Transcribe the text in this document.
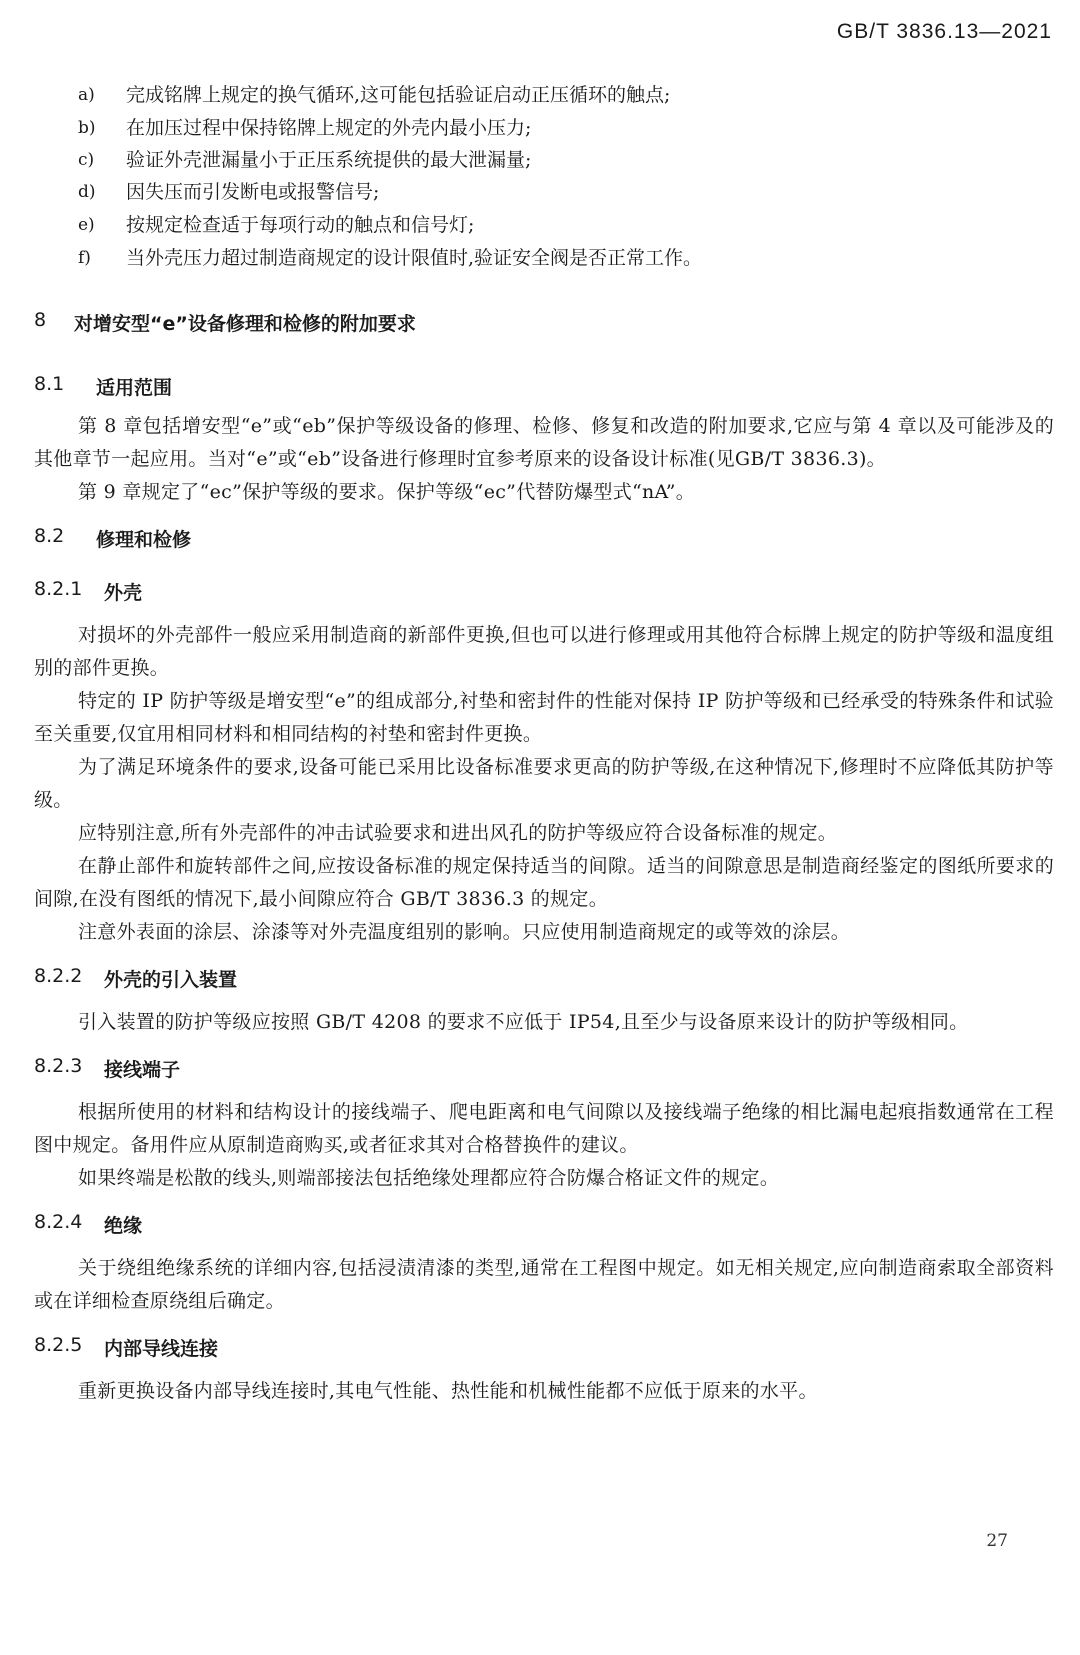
GB/T 3836.13—2021
a)	完成铭牌上规定的换气循环,这可能包括验证启动正压循环的触点;
b)	在加压过程中保持铭牌上规定的外壳内最小压力;
c)	验证外壳泄漏量小于正压系统提供的最大泄漏量;
d)	因失压而引发断电或报警信号;
e)	按规定检查适于每项行动的触点和信号灯;
f)	当外壳压力超过制造商规定的设计限值时,验证安全阀是否正常工作。
8	对增安型“e”设备修理和检修的附加要求
8.1	适用范围

第 8 章包括增安型“e”或“eb”保护等级设备的修理、检修、修复和改造的附加要求,它应与第 4 章以及可能涉及的其他章节一起应用。当对“e”或“eb”设备进行修理时宜参考原来的设备设计标准(见GB/T 3836.3)。

第 9 章规定了“ec”保护等级的要求。保护等级“ec”代替防爆型式“nA”。

8.2	修理和检修
8.2.1	外壳

对损坏的外壳部件一般应采用制造商的新部件更换,但也可以进行修理或用其他符合标牌上规定的防护等级和温度组别的部件更换。

特定的 IP 防护等级是增安型“e”的组成部分,衬垫和密封件的性能对保持 IP 防护等级和已经承受的特殊条件和试验至关重要,仅宜用相同材料和相同结构的衬垫和密封件更换。

为了满足环境条件的要求,设备可能已采用比设备标准要求更高的防护等级,在这种情况下,修理时不应降低其防护等级。

应特别注意,所有外壳部件的冲击试验要求和进出风孔的防护等级应符合设备标准的规定。

在静止部件和旋转部件之间,应按设备标准的规定保持适当的间隙。适当的间隙意思是制造商经鉴定的图纸所要求的间隙,在没有图纸的情况下,最小间隙应符合 GB/T 3836.3 的规定。

注意外表面的涂层、涂漆等对外壳温度组别的影响。只应使用制造商规定的或等效的涂层。

8.2.2	外壳的引入装置

引入装置的防护等级应按照 GB/T 4208 的要求不应低于 IP54,且至少与设备原来设计的防护等级相同。

8.2.3	接线端子

根据所使用的材料和结构设计的接线端子、爬电距离和电气间隙以及接线端子绝缘的相比漏电起痕指数通常在工程图中规定。备用件应从原制造商购买,或者征求其对合格替换件的建议。

如果终端是松散的线头,则端部接法包括绝缘处理都应符合防爆合格证文件的规定。

8.2.4	绝缘

关于绕组绝缘系统的详细内容,包括浸渍清漆的类型,通常在工程图中规定。如无相关规定,应向制造商索取全部资料或在详细检查原绕组后确定。

8.2.5	内部导线连接

重新更换设备内部导线连接时,其电气性能、热性能和机械性能都不应低于原来的水平。

27
